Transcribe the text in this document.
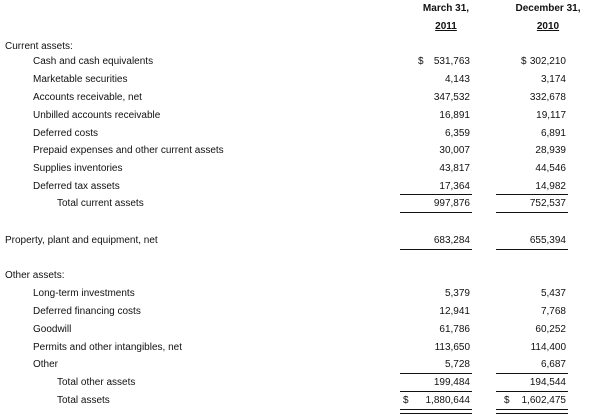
March 31,
2011
December 31,
2010
Current assets:
Cash and cash equivalents	$	531,763	$ 302,210
Marketable securities	4,143	3,174
Accounts receivable, net	347,532	332,678
Unbilled accounts receivable	16,891	19,117
Deferred costs	6,359	6,891
Prepaid expenses and other current assets	30,007	28,939
Supplies inventories	43,817	44,546
Deferred tax assets	17,364	14,982
Total current assets	997,876	752,537
Property, plant and equipment, net	683,284	655,394
Other assets:
Long-term investments	5,379	5,437
Deferred financing costs	12,941	7,768
Goodwill	61,786	60,252
Permits and other intangibles, net	113,650	114,400
Other	5,728	6,687
Total other assets	199,484	194,544
Total assets	$	1,880,644	$	1,602,475
